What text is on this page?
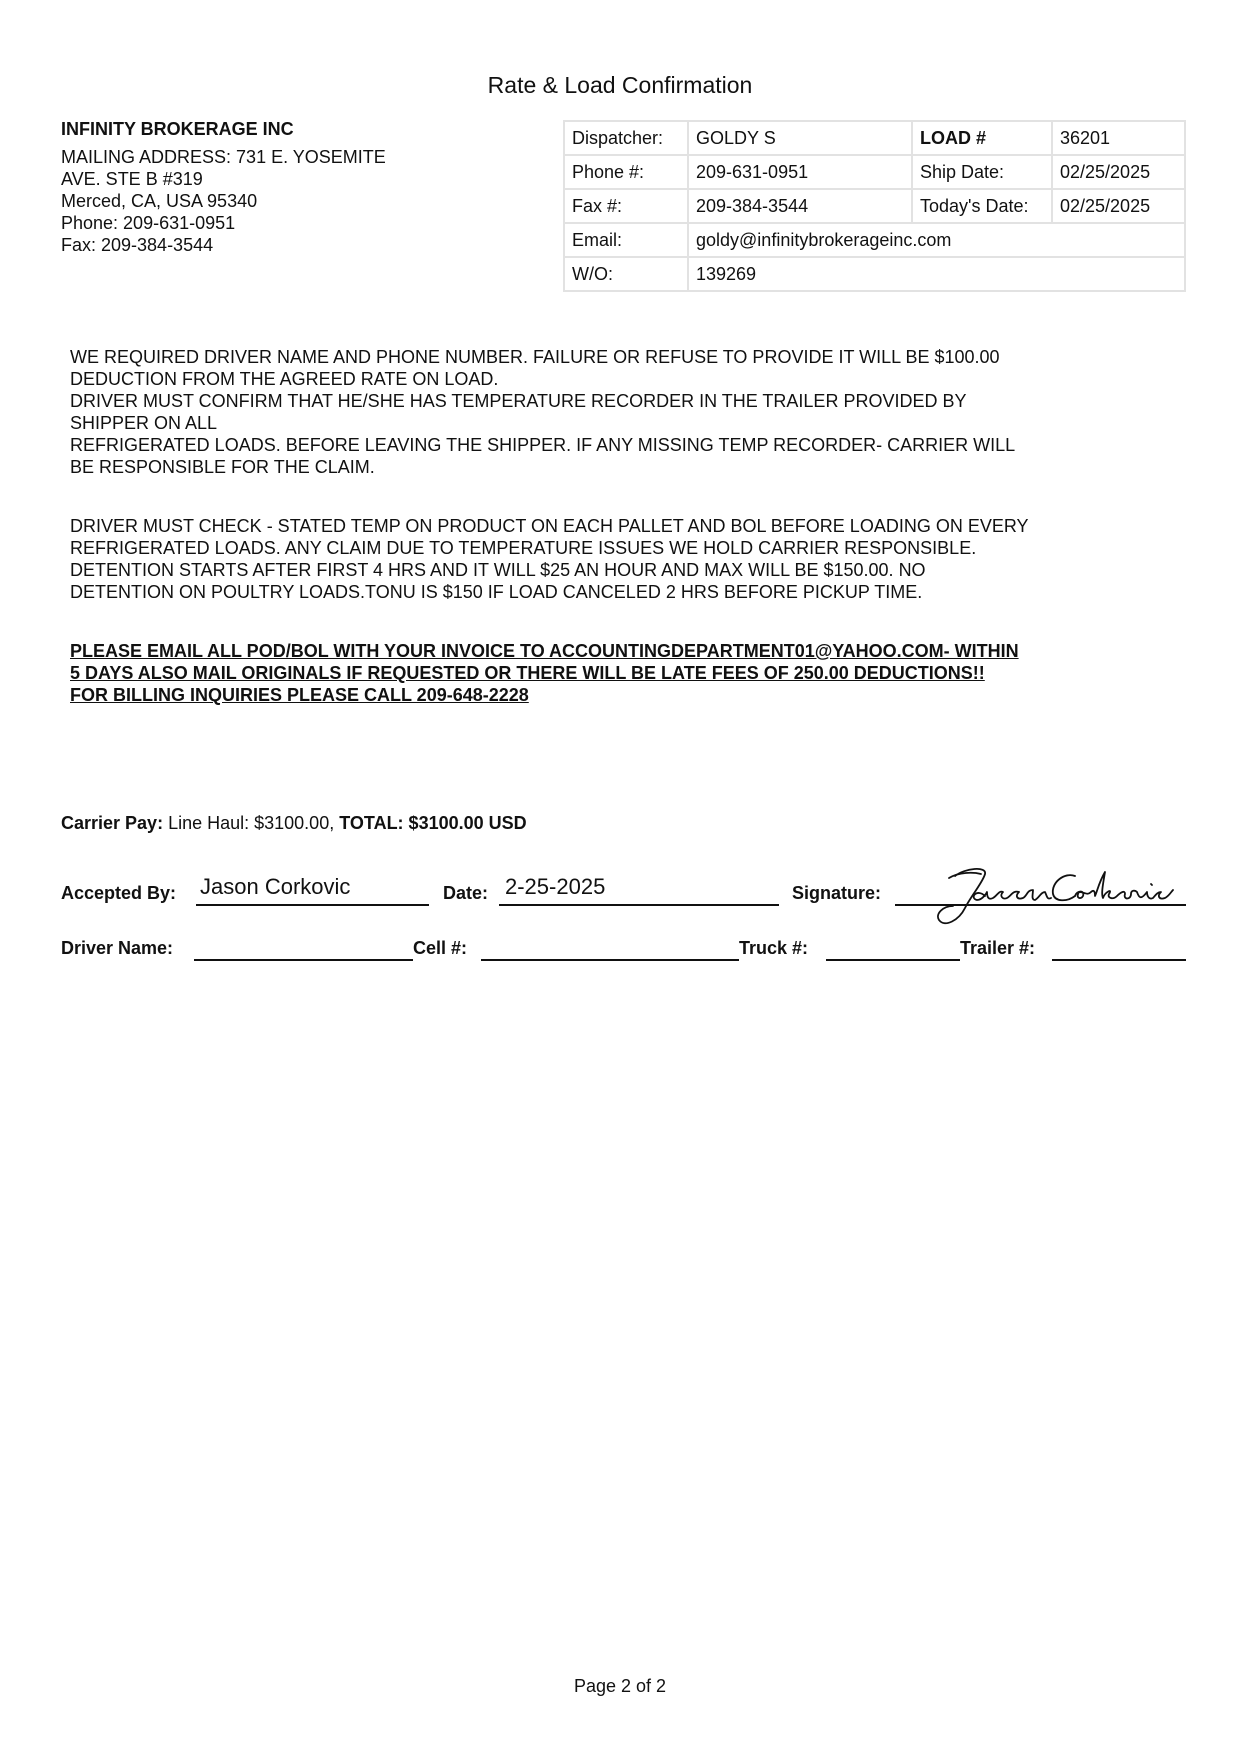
Rate & Load Confirmation
INFINITY BROKERAGE INC
MAILING ADDRESS: 731 E. YOSEMITE
AVE. STE B #319
Merced, CA, USA 95340
Phone: 209-631-0951
Fax: 209-384-3544
Dispatcher:	GOLDY S	LOAD #	36201
Phone #:	209-631-0951	Ship Date:	02/25/2025
Fax #:	209-384-3544	Today's Date:	02/25/2025
Email:	goldy@infinitybrokerageinc.com		
W/O:	139269		

WE REQUIRED DRIVER NAME AND PHONE NUMBER. FAILURE OR REFUSE TO PROVIDE IT WILL BE $100.00

DEDUCTION FROM THE AGREED RATE ON LOAD.

DRIVER MUST CONFIRM THAT HE/SHE HAS TEMPERATURE RECORDER IN THE TRAILER PROVIDED BY

SHIPPER ON ALL

REFRIGERATED LOADS. BEFORE LEAVING THE SHIPPER. IF ANY MISSING TEMP RECORDER- CARRIER WILL

BE RESPONSIBLE FOR THE CLAIM.

DRIVER MUST CHECK - STATED TEMP ON PRODUCT ON EACH PALLET AND BOL BEFORE LOADING ON EVERY

REFRIGERATED LOADS. ANY CLAIM DUE TO TEMPERATURE ISSUES WE HOLD CARRIER RESPONSIBLE.

DETENTION STARTS AFTER FIRST 4 HRS AND IT WILL $25 AN HOUR AND MAX WILL BE $150.00. NO

DETENTION ON POULTRY LOADS.TONU IS $150 IF LOAD CANCELED 2 HRS BEFORE PICKUP TIME.

PLEASE EMAIL ALL POD/BOL WITH YOUR INVOICE TO ACCOUNTINGDEPARTMENT01@YAHOO.COM- WITHIN

5 DAYS ALSO MAIL ORIGINALS IF REQUESTED OR THERE WILL BE LATE FEES OF 250.00 DEDUCTIONS!!

FOR BILLING INQUIRIES PLEASE CALL 209-648-2228

Carrier Pay: Line Haul: $3100.00, TOTAL: $3100.00 USD
Accepted By: Jason Corkovic	Date: 2-25-2025	Signature:
Driver Name:	Cell #:	Truck #:	Trailer #:
Page 2 of 2
